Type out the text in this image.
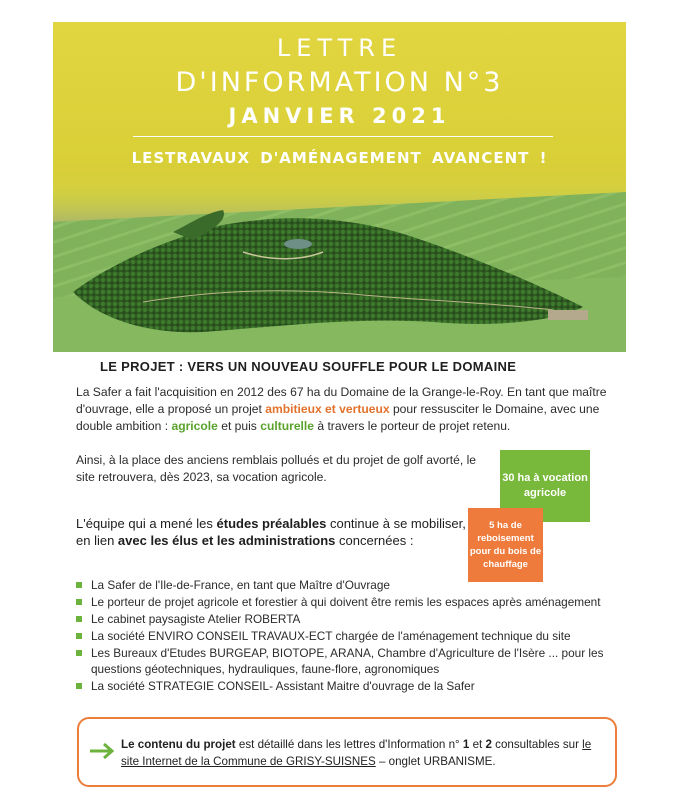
LETTRE
D'INFORMATION N°3
JANVIER 2021
LESTRAVAUX D'AMÉNAGEMENT AVANCENT !
LE PROJET : VERS UN NOUVEAU SOUFFLE POUR LE DOMAINE
La Safer a fait l'acquisition en 2012 des 67 ha du Domaine de la Grange-le-Roy. En tant que maître d'ouvrage, elle a proposé un projet ambitieux et vertueux pour ressusciter le Domaine, avec une double ambition : agricole et puis culturelle à travers le porteur de projet retenu.
Ainsi, à la place des anciens remblais pollués et du projet de golf avorté, le site retrouvera, dès 2023, sa vocation agricole.	30 ha à vocation agricole
L'équipe qui a mené les études préalables continue à se mobiliser, en lien avec les élus et les administrations concernées :
5 ha de reboisement pour du bois de chauffage
La Safer de l'Ile-de-France, en tant que Maître d'Ouvrage
Le porteur de projet agricole et forestier à qui doivent être remis les espaces après aménagement
Le cabinet paysagiste Atelier ROBERTA
La société ENVIRO CONSEIL TRAVAUX-ECT chargée de l'aménagement technique du site
Les Bureaux d'Etudes BURGEAP, BIOTOPE, ARANA, Chambre d'Agriculture de l'Isère ... pour les questions géotechniques, hydrauliques, faune-flore, agronomiques
La société STRATEGIE CONSEIL- Assistant Maitre d'ouvrage de la Safer
Le contenu du projet est détaillé dans les lettres d'Information n° 1 et 2 consultables sur le site Internet de la Commune de GRISY-SUISNES – onglet URBANISME.
